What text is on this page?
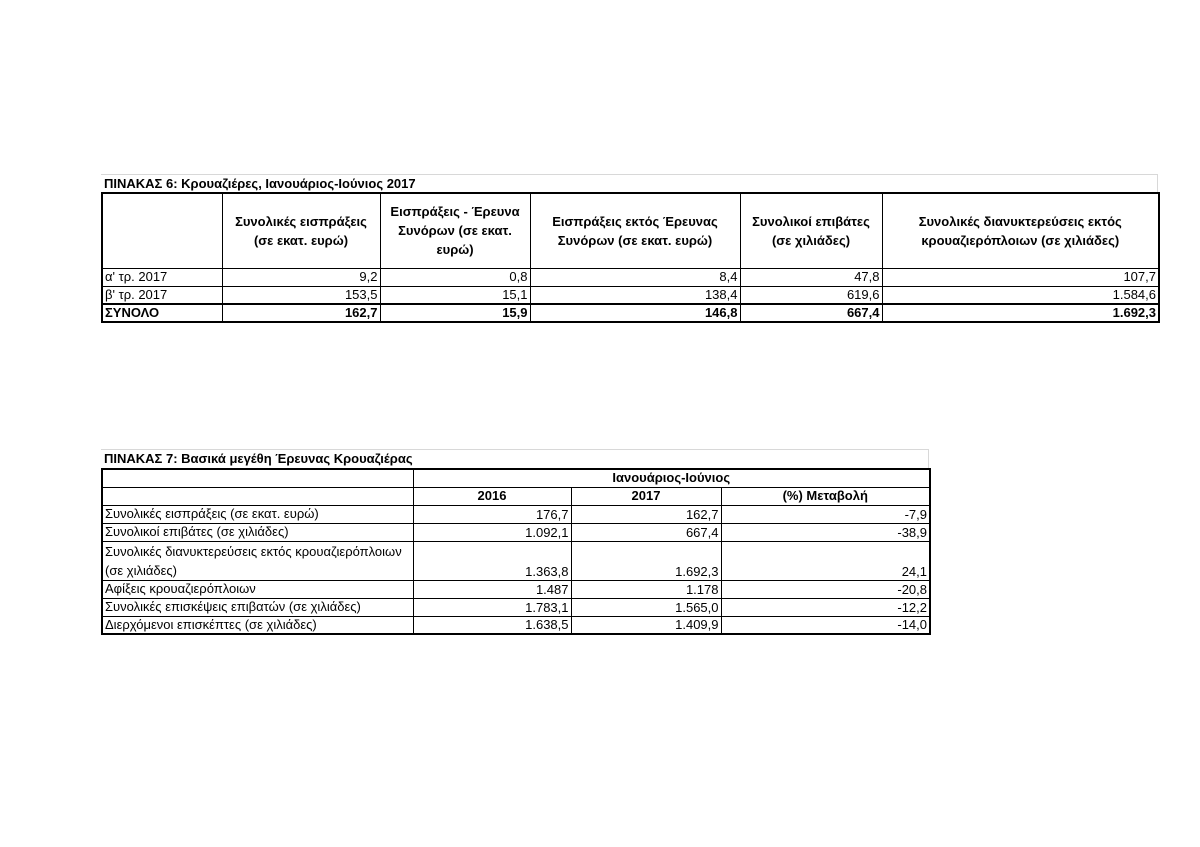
ΠΙΝΑΚΑΣ 6: Κρουαζιέρες, Ιανουάριος-Ιούνιος 2017
	Συνολικές εισπράξεις (σε εκατ. ευρώ)	Εισπράξεις - Έρευνα Συνόρων (σε εκατ. ευρώ)	Εισπράξεις εκτός Έρευνας Συνόρων (σε εκατ. ευρώ)	Συνολικοί επιβάτες (σε χιλιάδες)	Συνολικές διανυκτερεύσεις εκτός κρουαζιερόπλοιων (σε χιλιάδες)
α' τρ. 2017	9,2	0,8	8,4	47,8	107,7
β' τρ. 2017	153,5	15,1	138,4	619,6	1.584,6
ΣΥΝΟΛΟ	162,7	15,9	146,8	667,4	1.692,3
ΠΙΝΑΚΑΣ 7: Βασικά μεγέθη Έρευνας Κρουαζιέρας
	Ιανουάριος-Ιούνιος		
	2016	2017	(%) Μεταβολή
Συνολικές εισπράξεις (σε εκατ. ευρώ)	176,7	162,7	-7,9
Συνολικοί επιβάτες (σε χιλιάδες)	1.092,1	667,4	-38,9
Συνολικές διανυκτερεύσεις εκτός κρουαζιερόπλοιων (σε χιλιάδες)	1.363,8	1.692,3	24,1
Αφίξεις κρουαζιερόπλοιων	1.487	1.178	-20,8
Συνολικές επισκέψεις επιβατών (σε χιλιάδες)	1.783,1	1.565,0	-12,2
Διερχόμενοι επισκέπτες (σε χιλιάδες)	1.638,5	1.409,9	-14,0
